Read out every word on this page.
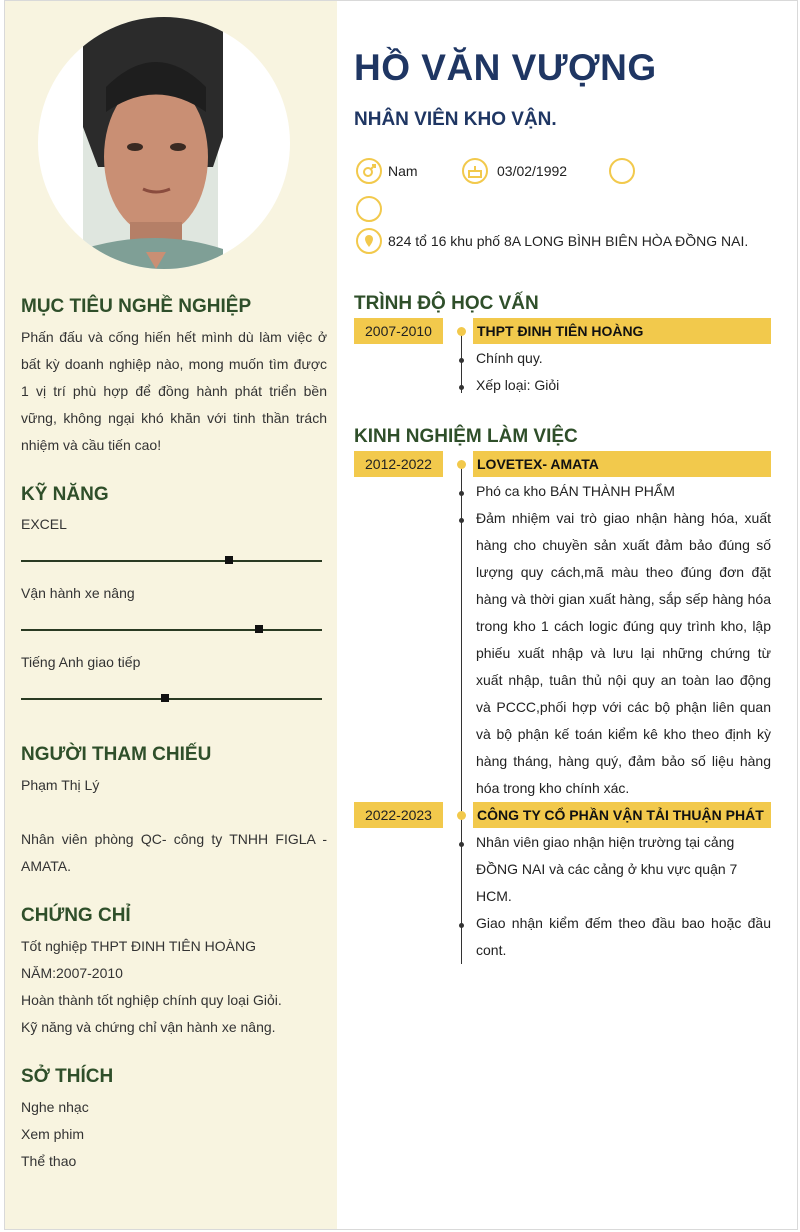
MỤC TIÊU NGHỀ NGHIỆP
Phấn đấu và cống hiến hết mình dù làm việc ở bất kỳ doanh nghiệp nào, mong muốn tìm được 1 vị trí phù hợp để đồng hành phát triển bền vững, không ngại khó khăn với tinh thần trách nhiệm và cầu tiến cao!
KỸ NĂNG
EXCEL
Vận hành xe nâng
Tiếng Anh giao tiếp
NGƯỜI THAM CHIẾU
Phạm Thị Lý
Nhân viên phòng QC- công ty TNHH FIGLA - AMATA.
CHỨNG CHỈ

Tốt nghiệp THPT ĐINH TIÊN HOÀNG

NĂM:2007-2010

Hoàn thành tốt nghiệp chính quy loại Giỏi.

Kỹ năng và chứng chỉ vận hành xe nâng.

SỞ THÍCH

Nghe nhạc

Xem phim

Thể thao

HỒ VĂN VƯỢNG
NHÂN VIÊN KHO VẬN.
Nam	03/02/1992
824 tổ 16 khu phố 8A LONG BÌNH BIÊN HÒA ĐỒNG NAI.
TRÌNH ĐỘ HỌC VẤN
2007-2010	THPT ĐINH TIÊN HOÀNG
Chính quy.
Xếp loại: Giỏi
KINH NGHIỆM LÀM VIỆC
2012-2022	LOVETEX- AMATA
Phó ca kho BÁN THÀNH PHẨM
Đảm nhiệm vai trò giao nhận hàng hóa, xuất hàng cho chuyền sản xuất đảm bảo đúng số lượng quy cách,mã màu theo đúng đơn đặt hàng và thời gian xuất hàng, sắp sếp hàng hóa trong kho 1 cách logic đúng quy trình kho, lập phiếu xuất nhập và lưu lại những chứng từ xuất nhập, tuân thủ nội quy an toàn lao động và PCCC,phối hợp với các bộ phận liên quan và bộ phận kế toán kiểm kê kho theo định kỳ hàng tháng, hàng quý, đảm bảo số liệu hàng hóa trong kho chính xác.
2022-2023	CÔNG TY CỔ PHẦN VẬN TẢI THUẬN PHÁT
Nhân viên giao nhận hiện trường tại cảng ĐỒNG NAI và các cảng ở khu vực quận 7 HCM.
Giao nhận kiểm đếm theo đầu bao hoặc đầu cont.
